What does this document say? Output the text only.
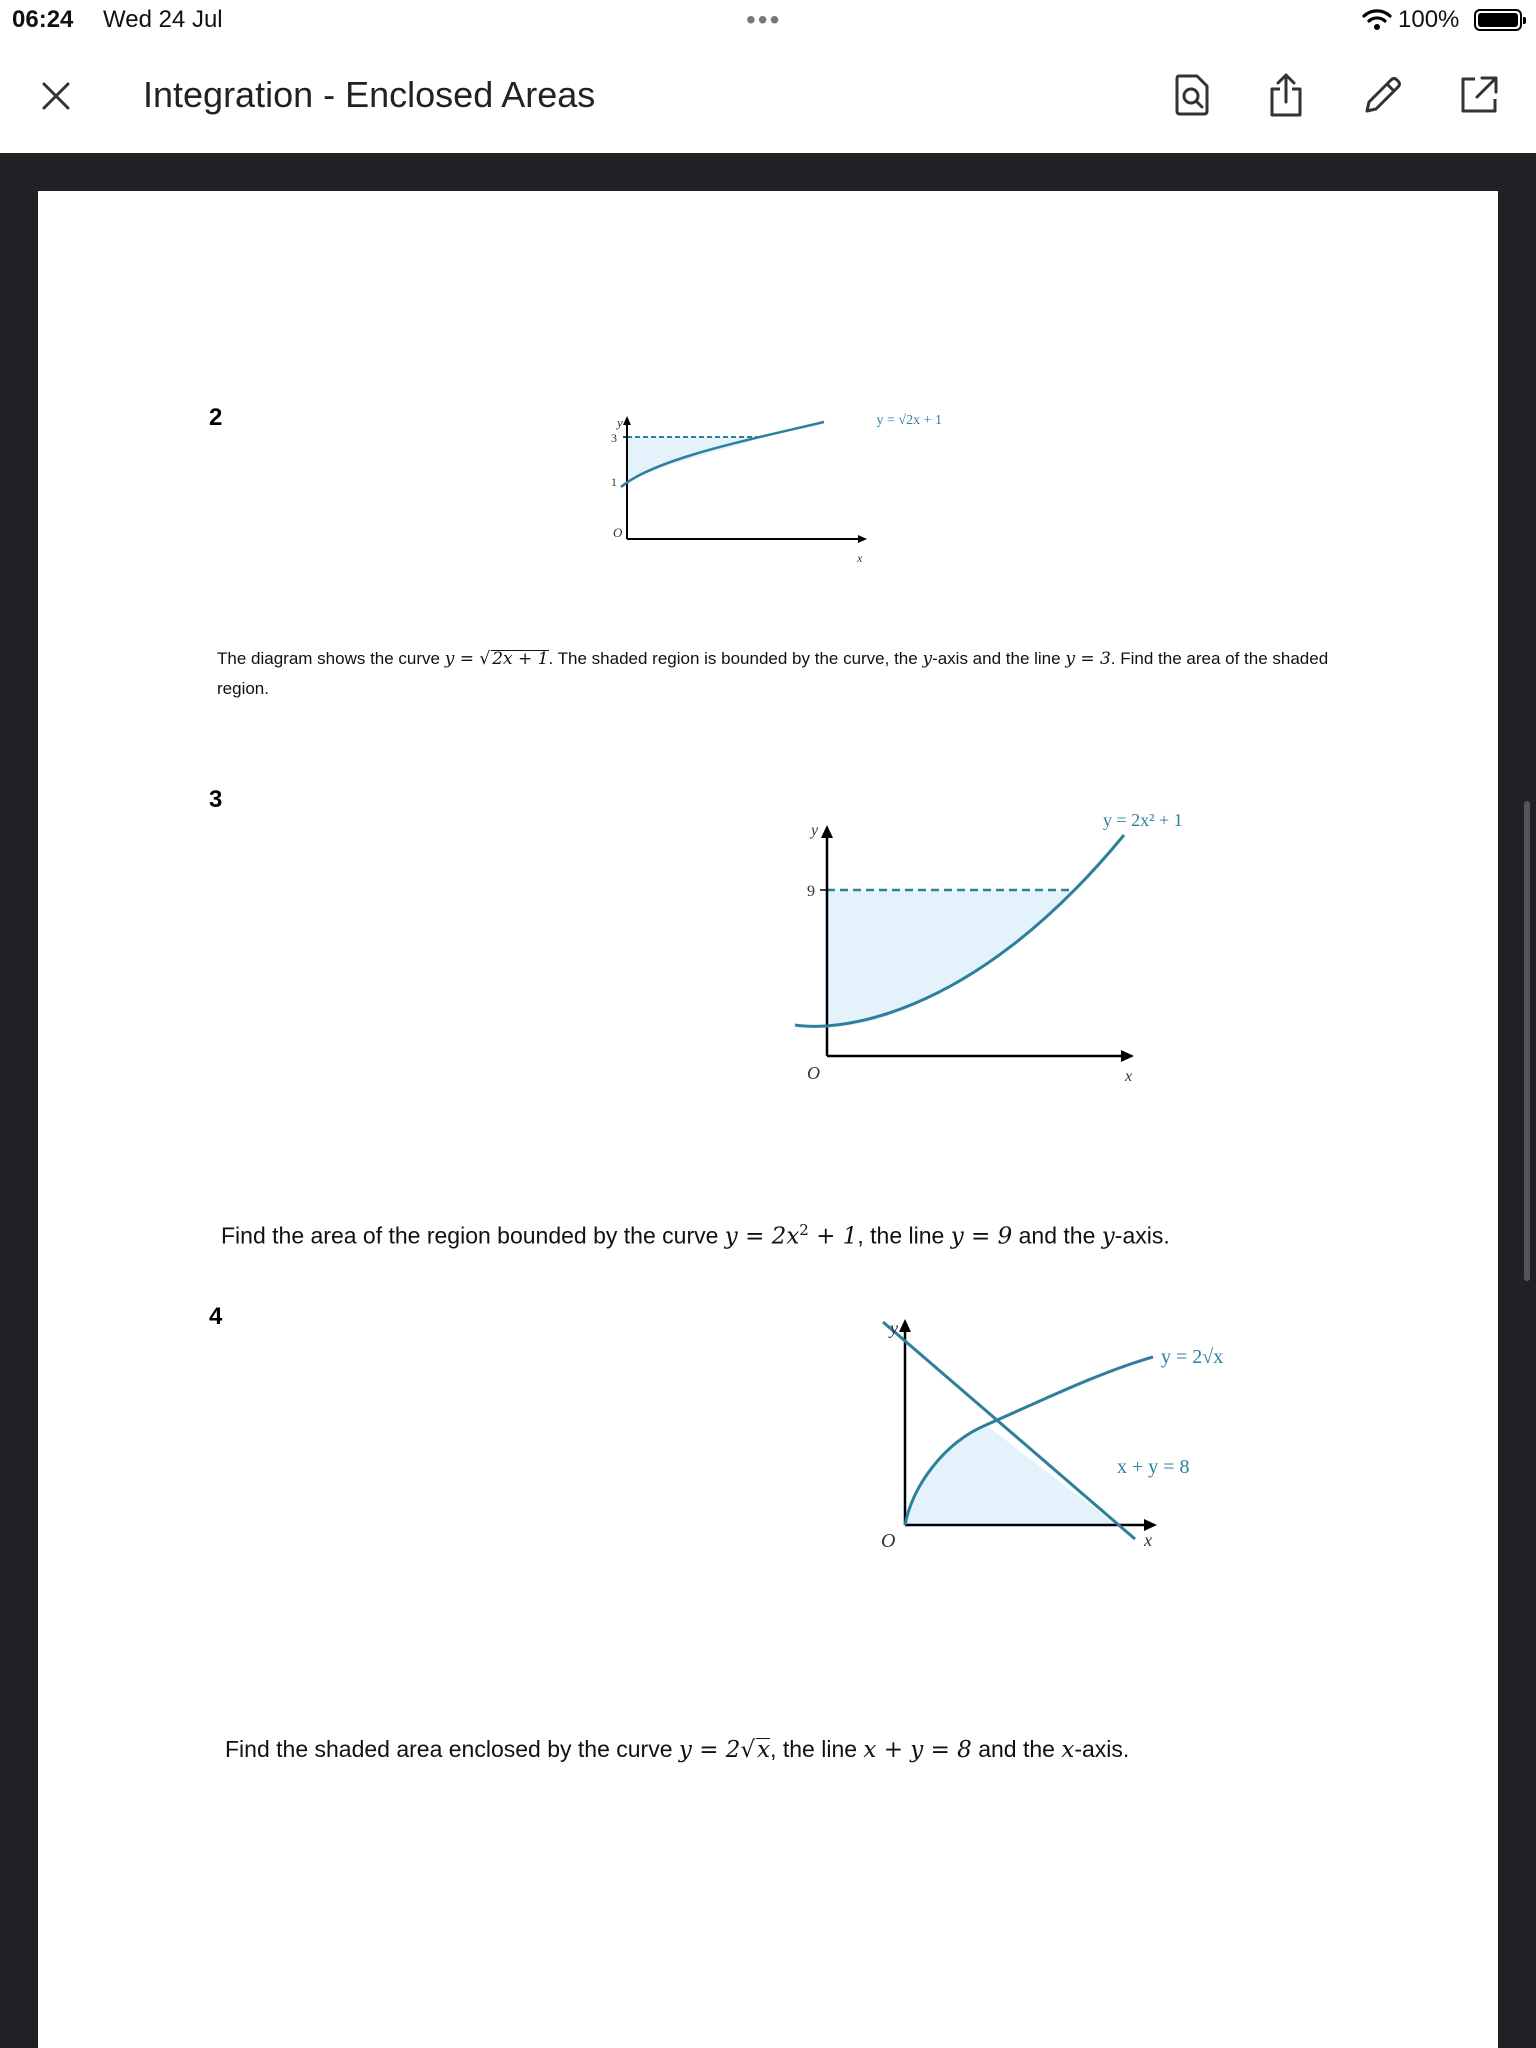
06:24 Wed 24 Jul	•••	100%
Integration - Enclosed Areas
2
3
1
y
O
x
y = √2x + 1
The diagram shows the curve y = √ 2x + 1. The shaded region is bounded by the curve, the y-axis and the line y = 3. Find the area of the shaded region.
3
9
y
O	x
y = 2x² + 1
Find the area of the region bounded by the curve $y = 2x^2 + 1$, the line y = 9 and the y-axis.
4	y
O	x
y = 2√x
x + y = 8
Find the shaded area enclosed by the curve y = 2√x, the line x + y = 8 and the x-axis.
